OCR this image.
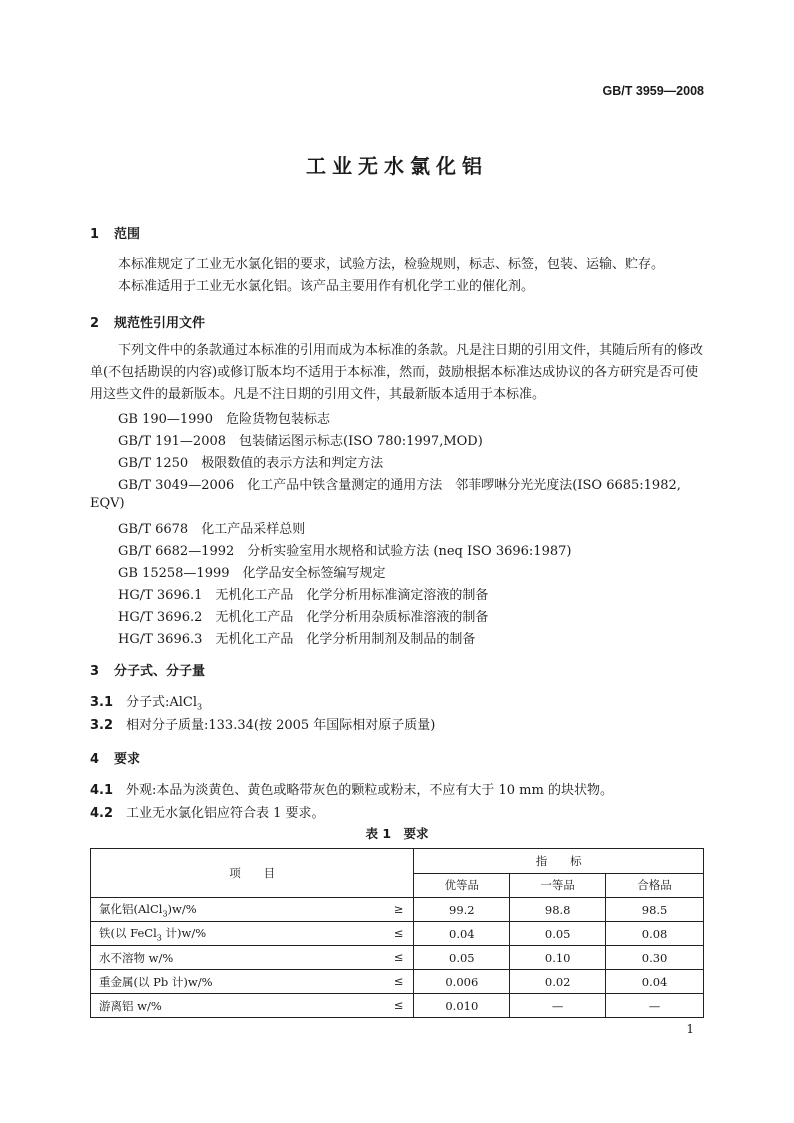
GB/T 3959—2008
工业无水氯化铝
1 范围
本标准规定了工业无水氯化铝的要求，试验方法，检验规则，标志、标签，包装、运输、贮存。
本标准适用于工业无水氯化铝。该产品主要用作有机化学工业的催化剂。
2 规范性引用文件
下列文件中的条款通过本标准的引用而成为本标准的条款。凡是注日期的引用文件，其随后所有的修改单(不包括勘误的内容)或修订版本均不适用于本标准，然而，鼓励根据本标准达成协议的各方研究是否可使用这些文件的最新版本。凡是不注日期的引用文件，其最新版本适用于本标准。
GB 190—1990　危险货物包装标志
GB/T 191—2008　包装储运图示标志(ISO 780:1997,MOD)
GB/T 1250　极限数值的表示方法和判定方法
GB/T 3049—2006　化工产品中铁含量测定的通用方法　邻菲啰啉分光光度法(ISO 6685:1982,
EQV)
GB/T 6678　化工产品采样总则
GB/T 6682—1992　分析实验室用水规格和试验方法 (neq ISO 3696:1987)
GB 15258—1999　化学品安全标签编写规定
HG/T 3696.1　无机化工产品　化学分析用标准滴定溶液的制备
HG/T 3696.2　无机化工产品　化学分析用杂质标准溶液的制备
HG/T 3696.3　无机化工产品　化学分析用制剂及制品的制备
3 分子式、分子量
3.1 分子式:AlCl$_3$
3.2 相对分子质量:133.34(按 2005 年国际相对原子质量)
4 要求
4.1 外观:本品为淡黄色、黄色或略带灰色的颗粒或粉末，不应有大于 10 mm 的块状物。
4.2 工业无水氯化铝应符合表 1 要求。
表 1　要求
项　　目	指　　标		
	优等品	一等品	合格品
氯化铝(AlCl$_3$)w/% ≥	99.2	98.8	98.5
铁(以 FeCl$_3$ 计)w/% ≤	0.04	0.05	0.08
水不溶物 w/% ≤	0.05	0.10	0.30
重金属(以 Pb 计)w/% ≤	0.006	0.02	0.04
游离铝 w/% ≤	0.010	—	—
1
